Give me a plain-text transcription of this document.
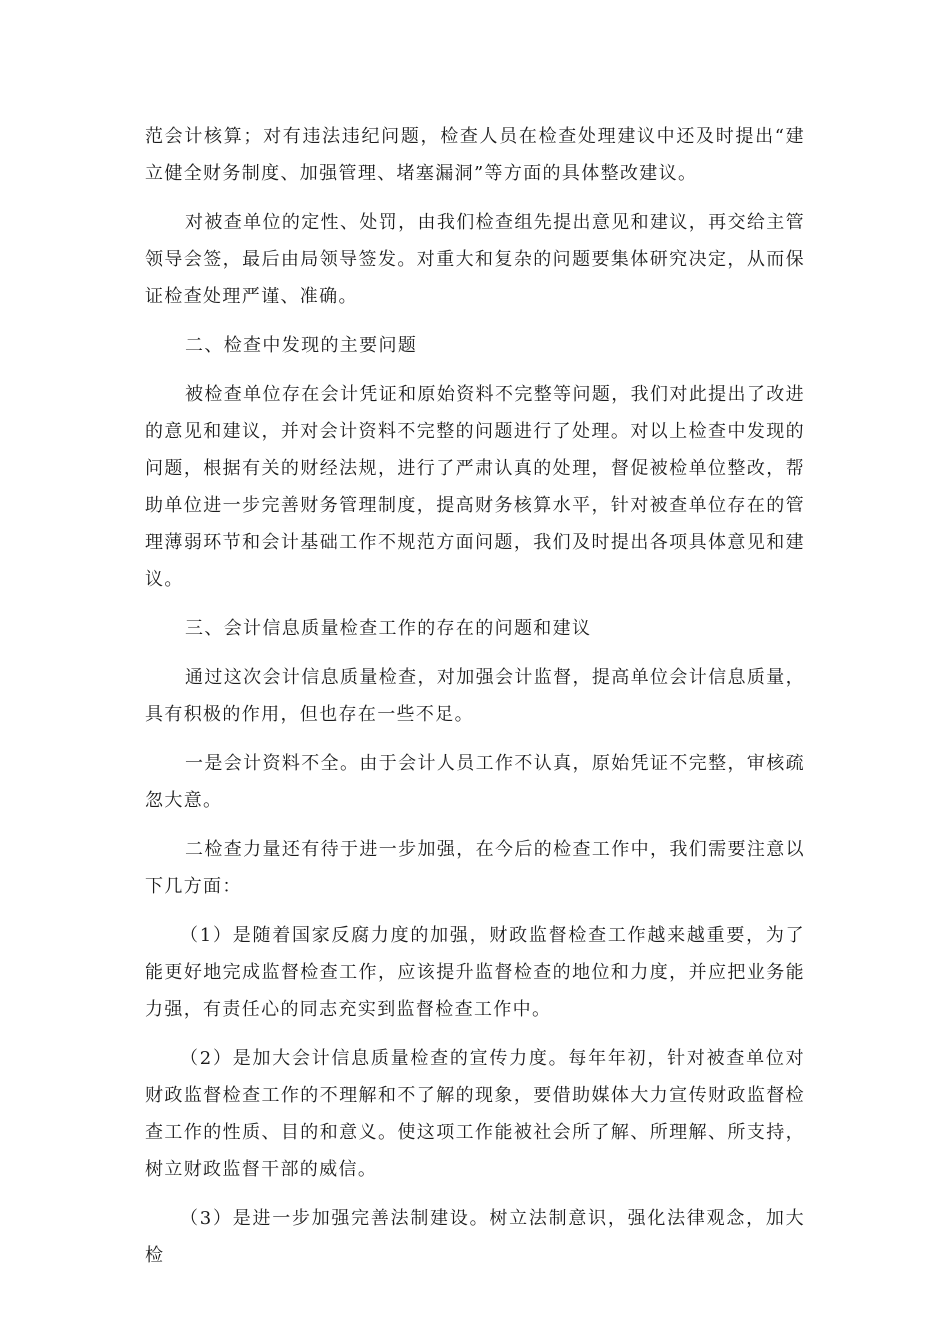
范会计核算；对有违法违纪问题，检查人员在检查处理建议中还及时提出“建立健全财务制度、加强管理、堵塞漏洞”等方面的具体整改建议。

对被查单位的定性、处罚，由我们检查组先提出意见和建议，再交给主管领导会签，最后由局领导签发。对重大和复杂的问题要集体研究决定，从而保证检查处理严谨、准确。

二、检查中发现的主要问题

被检查单位存在会计凭证和原始资料不完整等问题，我们对此提出了改进的意见和建议，并对会计资料不完整的问题进行了处理。对以上检查中发现的问题，根据有关的财经法规，进行了严肃认真的处理，督促被检单位整改，帮助单位进一步完善财务管理制度，提高财务核算水平，针对被查单位存在的管理薄弱环节和会计基础工作不规范方面问题，我们及时提出各项具体意见和建议。

三、会计信息质量检查工作的存在的问题和建议

通过这次会计信息质量检查，对加强会计监督，提高单位会计信息质量，具有积极的作用，但也存在一些不足。

一是会计资料不全。由于会计人员工作不认真，原始凭证不完整，审核疏忽大意。

二检查力量还有待于进一步加强，在今后的检查工作中，我们需要注意以下几方面：

（1）是随着国家反腐力度的加强，财政监督检查工作越来越重要，为了能更好地完成监督检查工作，应该提升监督检查的地位和力度，并应把业务能力强，有责任心的同志充实到监督检查工作中。

（2）是加大会计信息质量检查的宣传力度。每年年初，针对被查单位对财政监督检查工作的不理解和不了解的现象，要借助媒体大力宣传财政监督检查工作的性质、目的和意义。使这项工作能被社会所了解、所理解、所支持，树立财政监督干部的威信。

（3）是进一步加强完善法制建设。树立法制意识，强化法律观念，加大检
